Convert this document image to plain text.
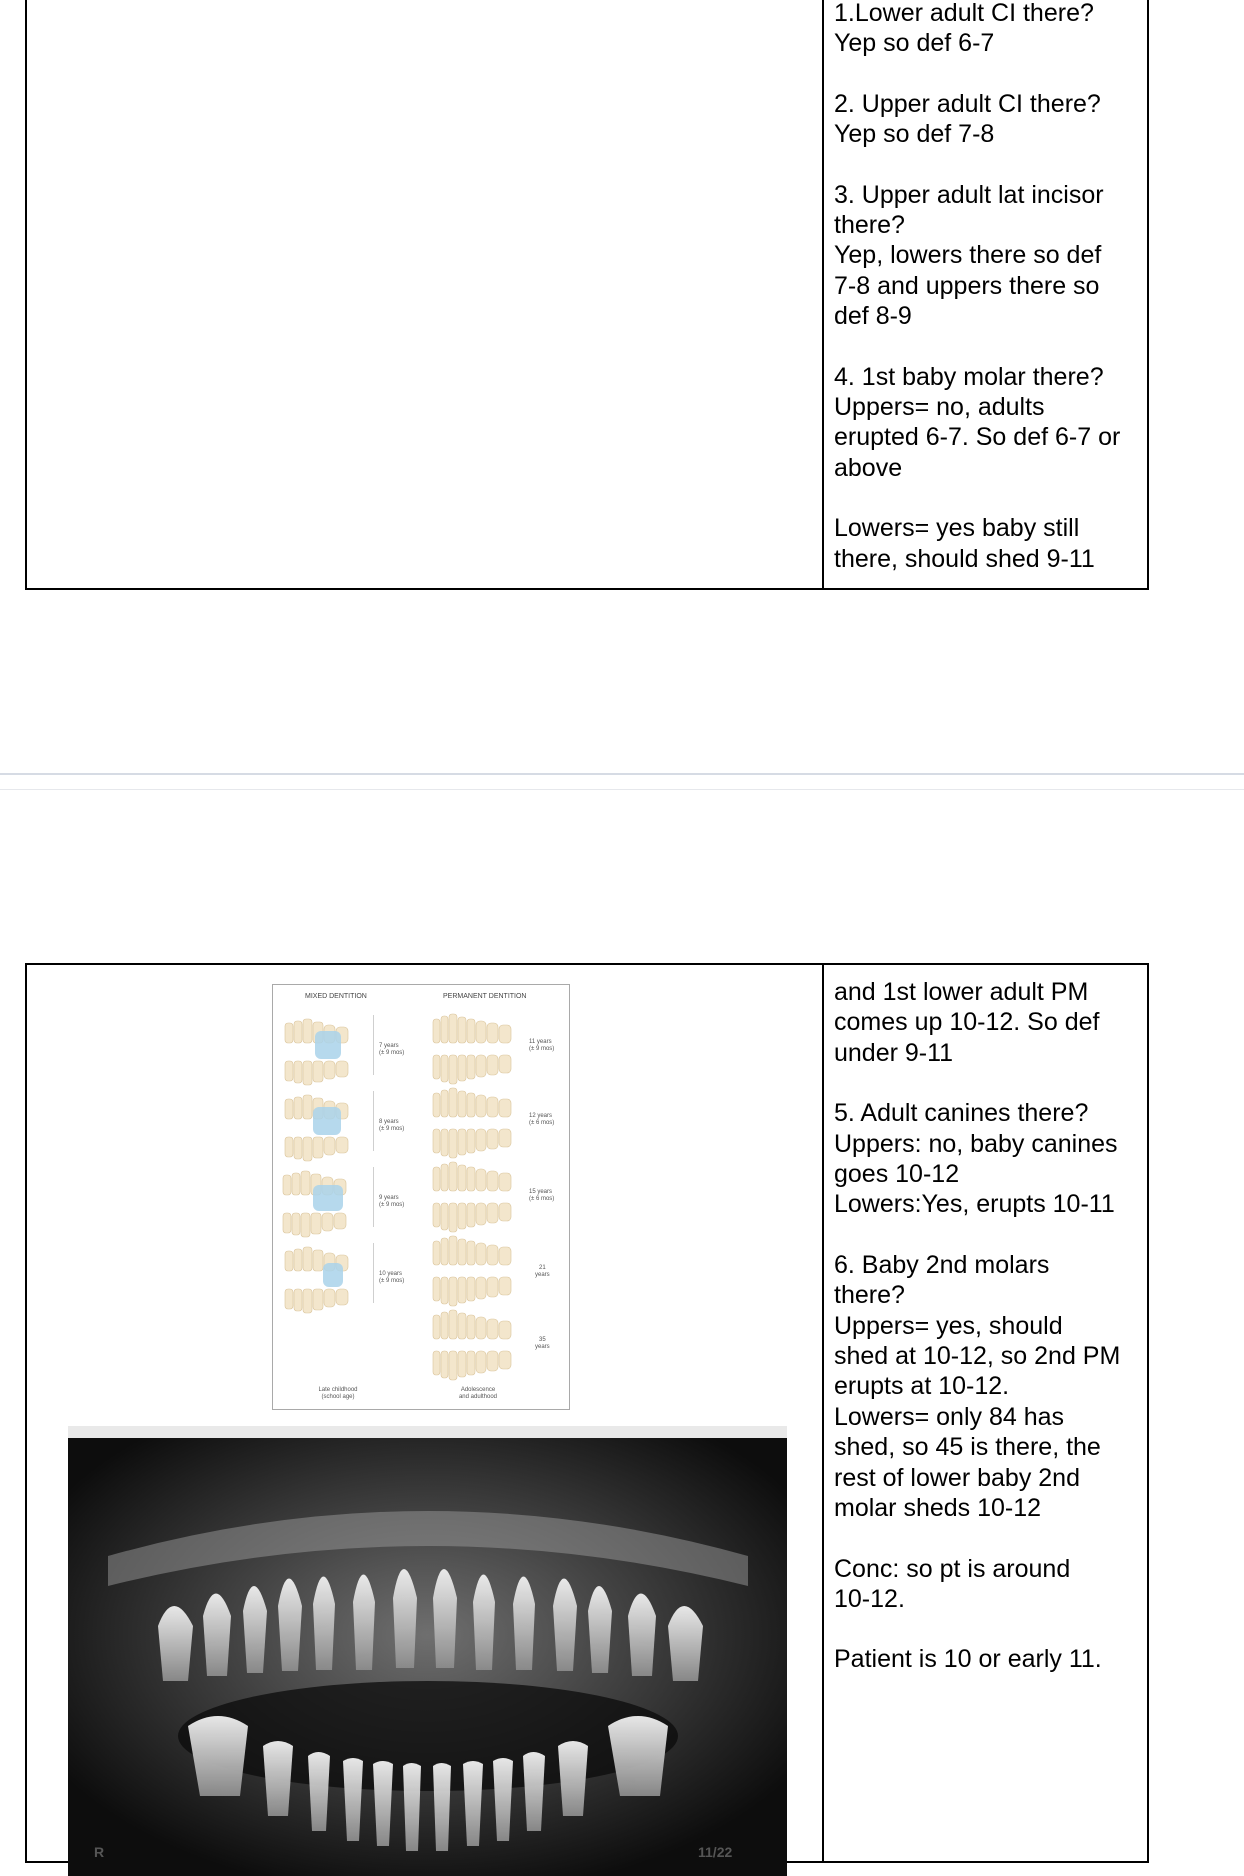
1.Lower adult CI there?
Yep so def 6-7
2. Upper adult CI there?
Yep so def 7-8
3. Upper adult lat incisor
there?
Yep, lowers there so def
7-8 and uppers there so
def 8-9
4. 1st baby molar there?
Uppers= no, adults
erupted 6-7. So def 6-7 or
above
Lowers= yes baby still
there, should shed 9-11
MIXED DENTITION	PERMANENT DENTITION
7 years
(± 9 mos)
8 years
(± 9 mos)
9 years
(± 9 mos)
10 years
(± 9 mos)
11 years
(± 9 mos)
12 years
(± 6 mos)
15 years
(± 6 mos)
21
years
35
years
Late childhood
(school age)
Adolescence
and adulthood
R	11/22
and 1st lower adult PM
comes up 10-12. So def
under 9-11
5. Adult canines there?
Uppers: no, baby canines
goes 10-12
Lowers:Yes, erupts 10-11
6. Baby 2nd molars
there?
Uppers= yes, should
shed at 10-12, so 2nd PM
erupts at 10-12.
Lowers= only 84 has
shed, so 45 is there, the
rest of lower baby 2nd
molar sheds 10-12
Conc: so pt is around
10-12.
Patient is 10 or early 11.
